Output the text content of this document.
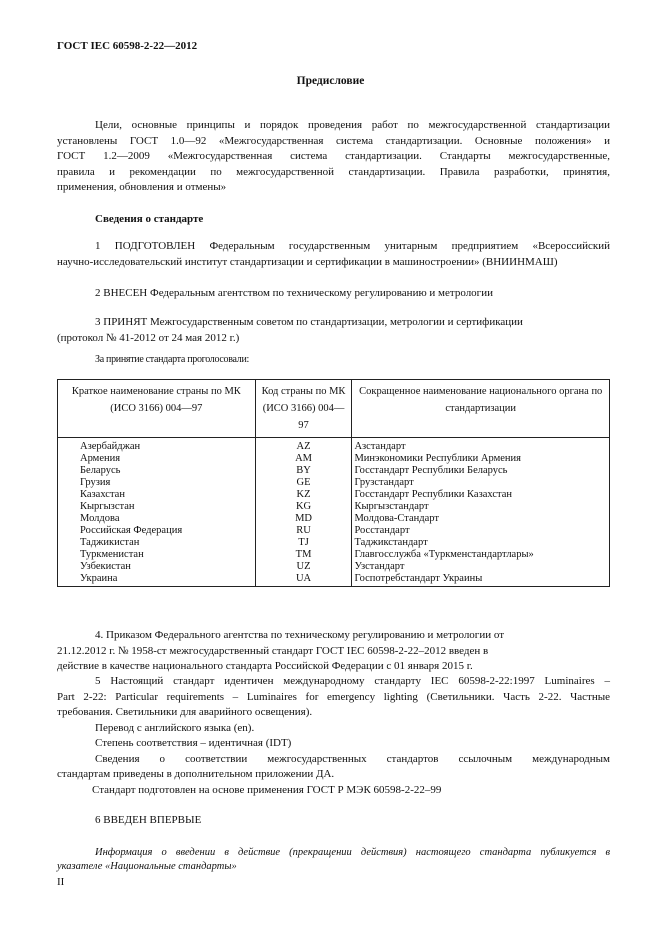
ГОСТ IEC 60598-2-22—2012
Предисловие
Цели, основные принципы и порядок проведения работ по межгосударственной стандартизации
установлены ГОСТ 1.0—92 «Межгосударственная система стандартизации. Основные положения» и
ГОСТ 1.2—2009 «Межгосударственная система стандартизации. Стандарты межгосударственные,
правила и рекомендации по межгосударственной стандартизации. Правила разработки, принятия,
применения, обновления и отмены»
Сведения о стандарте
1 ПОДГОТОВЛЕН Федеральным государственным унитарным предприятием «Всероссийский
научно-исследовательский институт стандартизации и сертификации в машиностроении» (ВНИИНМАШ)
2 ВНЕСЕН Федеральным агентством по техническому регулированию и метрологии
3 ПРИНЯТ Межгосударственным советом по стандартизации, метрологии и сертификации
(протокол № 41-2012 от 24 мая 2012 г.)
За принятие стандарта проголосовали:
Краткое наименование страны по МК (ИСО 3166) 004—97	Код страны по МК (ИСО 3166) 004—97	Сокращенное наименование национального органа по стандартизации
Азербайджан	AZ	Азстандарт
Армения	AM	Минэкономики Республики Армения
Беларусь	BY	Госстандарт Республики Беларусь
Грузия	GE	Грузстандарт
Казахстан	KZ	Госстандарт Республики Казахстан
Кыргызстан	KG	Кыргызстандарт
Молдова	MD	Молдова-Стандарт
Российская Федерация	RU	Росстандарт
Таджикистан	TJ	Таджикстандарт
Туркменистан	TM	Главгосслужба «Туркменстандартлары»
Узбекистан	UZ	Узстандарт
Украина	UA	Госпотребстандарт Украины
4. Приказом Федерального агентства по техническому регулированию и метрологии от
21.12.2012 г. № 1958-ст межгосударственный стандарт ГОСТ IEC 60598-2-22–2012 введен в
действие в качестве национального стандарта Российской Федерации с 01 января 2015 г.
5 Настоящий стандарт идентичен международному стандарту IEC 60598-2-22:1997 Luminaires –
Part 2-22: Particular requirements – Luminaires for emergency lighting (Светильники. Часть 2-22. Частные
требования. Светильники для аварийного освещения).
Перевод с английского языка (en).
Степень соответствия – идентичная (IDT)
Сведения о соответствии межгосударственных стандартов ссылочным международным
стандартам приведены в дополнительном приложении ДА.
Стандарт подготовлен на основе применения ГОСТ Р МЭК 60598-2-22–99
6 ВВЕДЕН ВПЕРВЫЕ
Информация о введении в действие (прекращении действия) настоящего стандарта публикуется в
указателе «Национальные стандарты»
II
